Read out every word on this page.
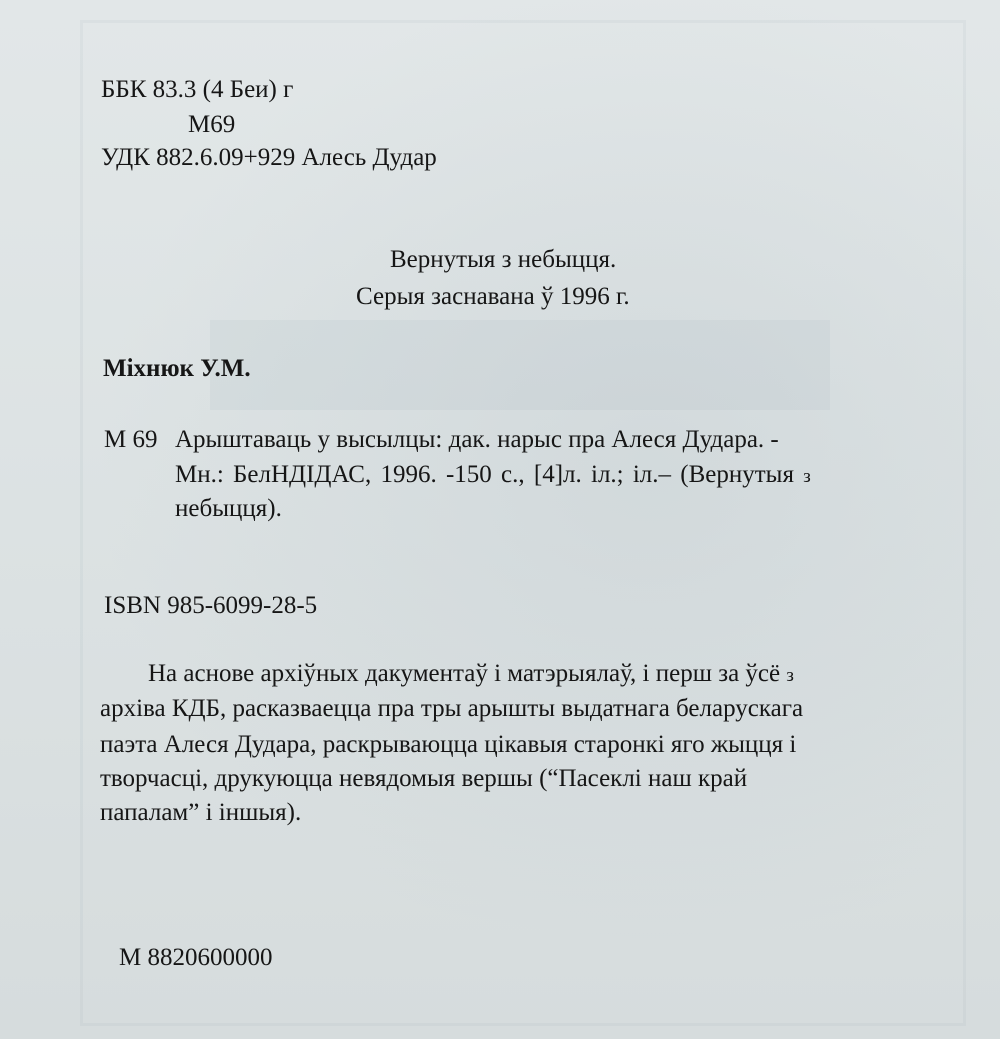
ББК 83.3 (4 Беи) г
М69
УДК 882.6.09+929 Алесь Дудар
Вернутыя з небыцця.
Серыя заснавана ў 1996 г.
Міхнюк У.М.
М 69 Арыштаваць у высылцы: дак. нарыс пра Алеся Дудара. -
Мн.: БелНДІДАС, 1996. -150 с., [4]л. іл.; іл.– (Вернутыя з
небыцця).
ISBN 985-6099-28-5
На аснове архіўных дакументаў і матэрыялаў, і перш за ўсё з
архіва КДБ, расказваецца пра тры арышты выдатнага беларускага
паэта Алеся Дудара, раскрываюцца цікавыя старонкі яго жыцця і
творчасці, друкуюцца невядомыя вершы (“Пасеклі наш край
папалам” і іншыя).
М 8820600000
